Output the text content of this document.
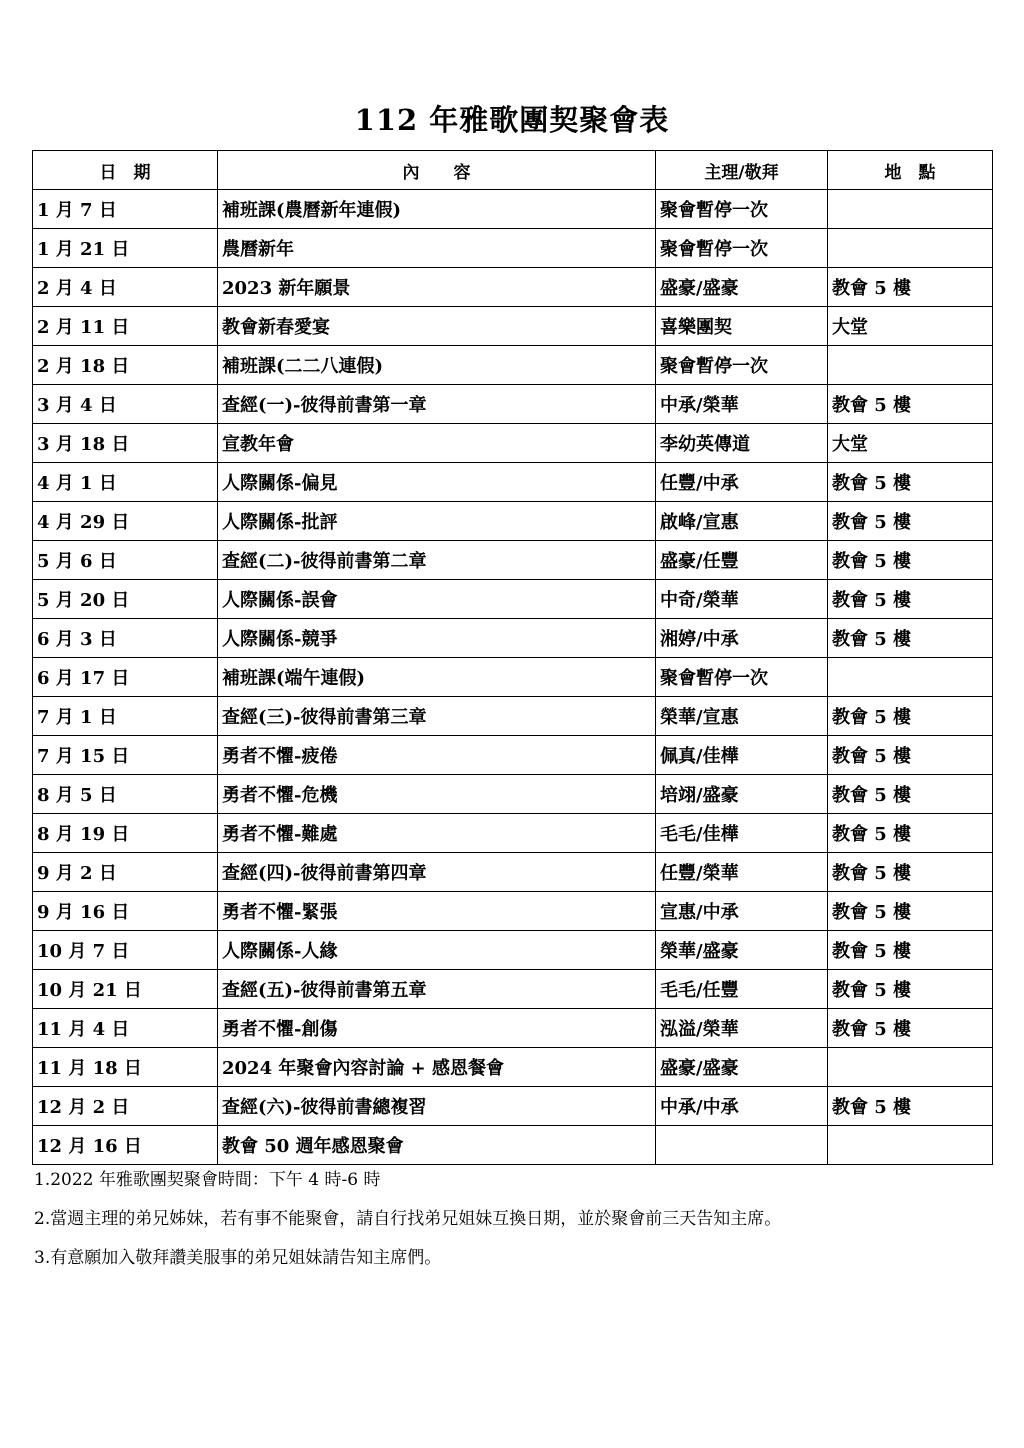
112 年雅歌團契聚會表
日　期	內　　容	主理/敬拜	地　點
1 月 7 日	補班課(農曆新年連假)	聚會暫停一次	
1 月 21 日	農曆新年	聚會暫停一次	
2 月 4 日	2023 新年願景	盛豪/盛豪	教會 5 樓
2 月 11 日	教會新春愛宴	喜樂團契	大堂
2 月 18 日	補班課(二二八連假)	聚會暫停一次	
3 月 4 日	查經(一)-彼得前書第一章	中承/榮華	教會 5 樓
3 月 18 日	宣教年會	李幼英傳道	大堂
4 月 1 日	人際關係-偏見	任豐/中承	教會 5 樓
4 月 29 日	人際關係-批評	啟峰/宣惠	教會 5 樓
5 月 6 日	查經(二)-彼得前書第二章	盛豪/任豐	教會 5 樓
5 月 20 日	人際關係-誤會	中奇/榮華	教會 5 樓
6 月 3 日	人際關係-競爭	湘婷/中承	教會 5 樓
6 月 17 日	補班課(端午連假)	聚會暫停一次	
7 月 1 日	查經(三)-彼得前書第三章	榮華/宣惠	教會 5 樓
7 月 15 日	勇者不懼-疲倦	佩真/佳樺	教會 5 樓
8 月 5 日	勇者不懼-危機	培翊/盛豪	教會 5 樓
8 月 19 日	勇者不懼-難處	毛毛/佳樺	教會 5 樓
9 月 2 日	查經(四)-彼得前書第四章	任豐/榮華	教會 5 樓
9 月 16 日	勇者不懼-緊張	宣惠/中承	教會 5 樓
10 月 7 日	人際關係-人緣	榮華/盛豪	教會 5 樓
10 月 21 日	查經(五)-彼得前書第五章	毛毛/任豐	教會 5 樓
11 月 4 日	勇者不懼-創傷	泓溢/榮華	教會 5 樓
11 月 18 日	2024 年聚會內容討論 + 感恩餐會	盛豪/盛豪	
12 月 2 日	查經(六)-彼得前書總複習	中承/中承	教會 5 樓
12 月 16 日	教會 50 週年感恩聚會		
1.2022 年雅歌團契聚會時間：下午 4 時-6 時
2.當週主理的弟兄姊妹，若有事不能聚會，請自行找弟兄姐妹互換日期，並於聚會前三天告知主席。
3.有意願加入敬拜讚美服事的弟兄姐妹請告知主席們。
